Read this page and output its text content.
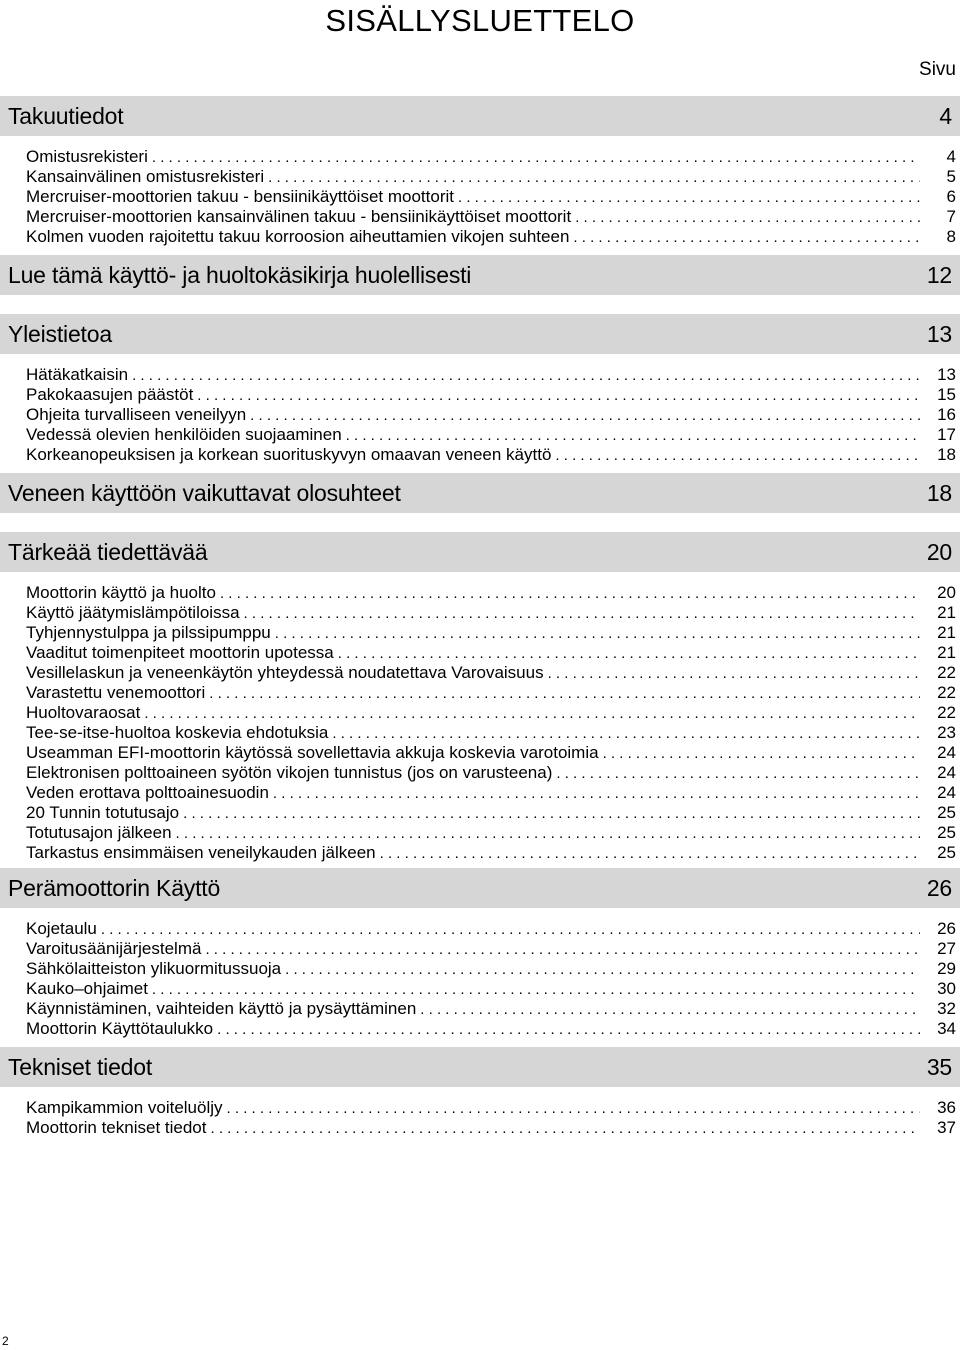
SISÄLLYSLUETTELO
Sivu
Takuutiedot	4
Omistusrekisteri . . .	4
Kansainvälinen omistusrekisteri . . .	5
Mercruiser-moottorien takuu - bensiinikäyttöiset moottorit . . .	6
Mercruiser-moottorien kansainvälinen takuu - bensiinikäyttöiset moottorit . . .	7
Kolmen vuoden rajoitettu takuu korroosion aiheuttamien vikojen suhteen . . .	8
Lue tämä käyttö- ja huoltokäsikirja huolellisesti	12
Yleistietoa	13
Hätäkatkaisin . . .	13
Pakokaasujen päästöt . . .	15
Ohjeita turvalliseen veneilyyn . . .	16
Vedessä olevien henkilöiden suojaaminen . . .	17
Korkeanopeuksisen ja korkean suorituskyvyn omaavan veneen käyttö . . .	18
Veneen käyttöön vaikuttavat olosuhteet	18
Tärkeää tiedettävää	20
Moottorin käyttö ja huolto . . .	20
Käyttö jäätymislämpötiloissa . . .	21
Tyhjennystulppa ja pilssipumppu . . .	21
Vaaditut toimenpiteet moottorin upotessa . . .	21
Vesillelaskun ja veneenkäytön yhteydessä noudatettava Varovaisuus . . .	22
Varastettu venemoottori . . .	22
Huoltovaraosat . . .	22
Tee-se-itse-huoltoa koskevia ehdotuksia . . .	23
Useamman EFI-moottorin käytössä sovellettavia akkuja koskevia varotoimia . . .	24
Elektronisen polttoaineen syötön vikojen tunnistus (jos on varusteena) . . .	24
Veden erottava polttoainesuodin . . .	24
20 Tunnin totutusajo . . .	25
Totutusajon jälkeen . . .	25
Tarkastus ensimmäisen veneilykauden jälkeen . . .	25
Perämoottorin Käyttö	26
Kojetaulu . . .	26
Varoitusäänijärjestelmä . . .	27
Sähkölaitteiston ylikuormitussuoja . . .	29
Kauko–ohjaimet . . .	30
Käynnistäminen, vaihteiden käyttö ja pysäyttäminen . . .	32
Moottorin Käyttötaulukko . . .	34
Tekniset tiedot	35
Kampikammion voiteluöljy . . .	36
Moottorin tekniset tiedot . . .	37
2
